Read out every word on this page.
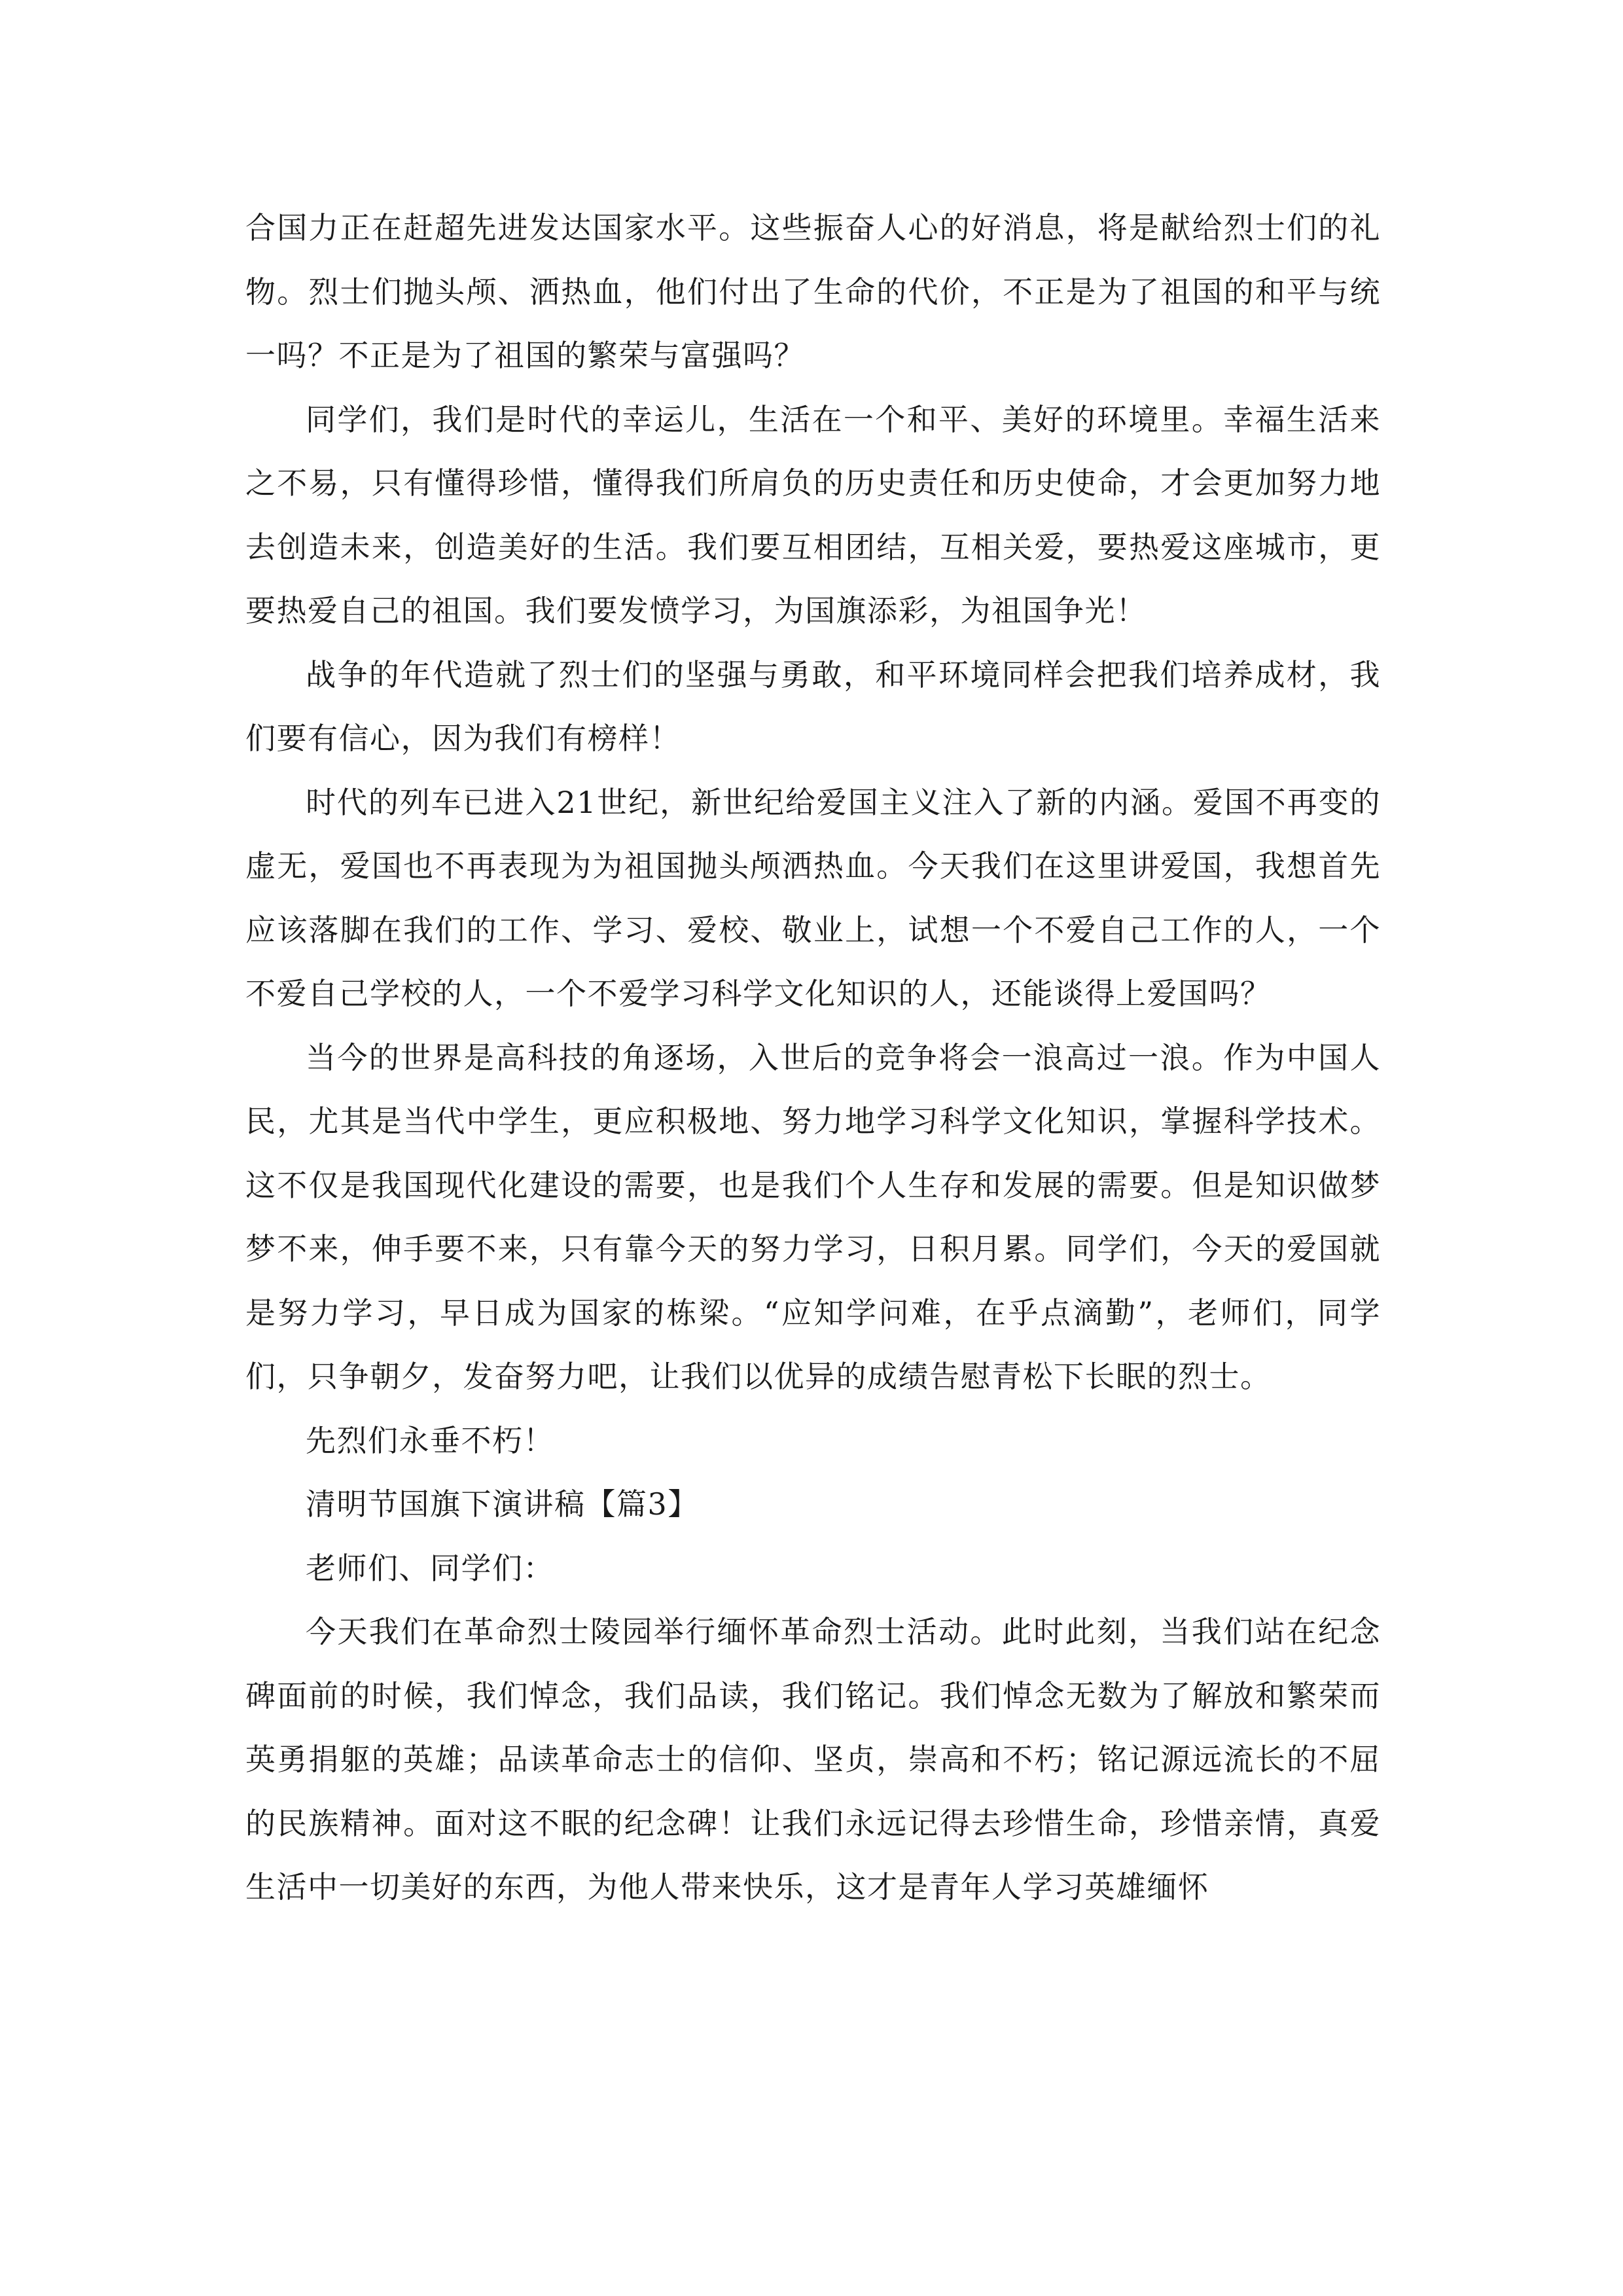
合国力正在赶超先进发达国家水平。这些振奋人心的好消息，将是献给烈士们的礼物。烈士们抛头颅、洒热血，他们付出了生命的代价，不正是为了祖国的和平与统一吗？不正是为了祖国的繁荣与富强吗？

同学们，我们是时代的幸运儿，生活在一个和平、美好的环境里。幸福生活来之不易，只有懂得珍惜，懂得我们所肩负的历史责任和历史使命，才会更加努力地去创造未来，创造美好的生活。我们要互相团结，互相关爱，要热爱这座城市，更要热爱自己的祖国。我们要发愤学习，为国旗添彩，为祖国争光！

战争的年代造就了烈士们的坚强与勇敢，和平环境同样会把我们培养成材，我们要有信心，因为我们有榜样！

时代的列车已进入21世纪，新世纪给爱国主义注入了新的内涵。爱国不再变的虚无，爱国也不再表现为为祖国抛头颅洒热血。今天我们在这里讲爱国，我想首先应该落脚在我们的工作、学习、爱校、敬业上，试想一个不爱自己工作的人，一个不爱自己学校的人，一个不爱学习科学文化知识的人，还能谈得上爱国吗？

当今的世界是高科技的角逐场，入世后的竞争将会一浪高过一浪。作为中国人民，尤其是当代中学生，更应积极地、努力地学习科学文化知识，掌握科学技术。这不仅是我国现代化建设的需要，也是我们个人生存和发展的需要。但是知识做梦梦不来，伸手要不来，只有靠今天的努力学习，日积月累。同学们，今天的爱国就是努力学习，早日成为国家的栋梁。“应知学问难，在乎点滴勤”，老师们，同学们，只争朝夕，发奋努力吧，让我们以优异的成绩告慰青松下长眠的烈士。

先烈们永垂不朽！

清明节国旗下演讲稿【篇3】

老师们、同学们：

今天我们在革命烈士陵园举行缅怀革命烈士活动。此时此刻，当我们站在纪念碑面前的时候，我们悼念，我们品读，我们铭记。我们悼念无数为了解放和繁荣而英勇捐躯的英雄；品读革命志士的信仰、坚贞，崇高和不朽；铭记源远流长的不屈的民族精神。面对这不眠的纪念碑！让我们永远记得去珍惜生命，珍惜亲情，真爱生活中一切美好的东西，为他人带来快乐，这才是青年人学习英雄缅怀
